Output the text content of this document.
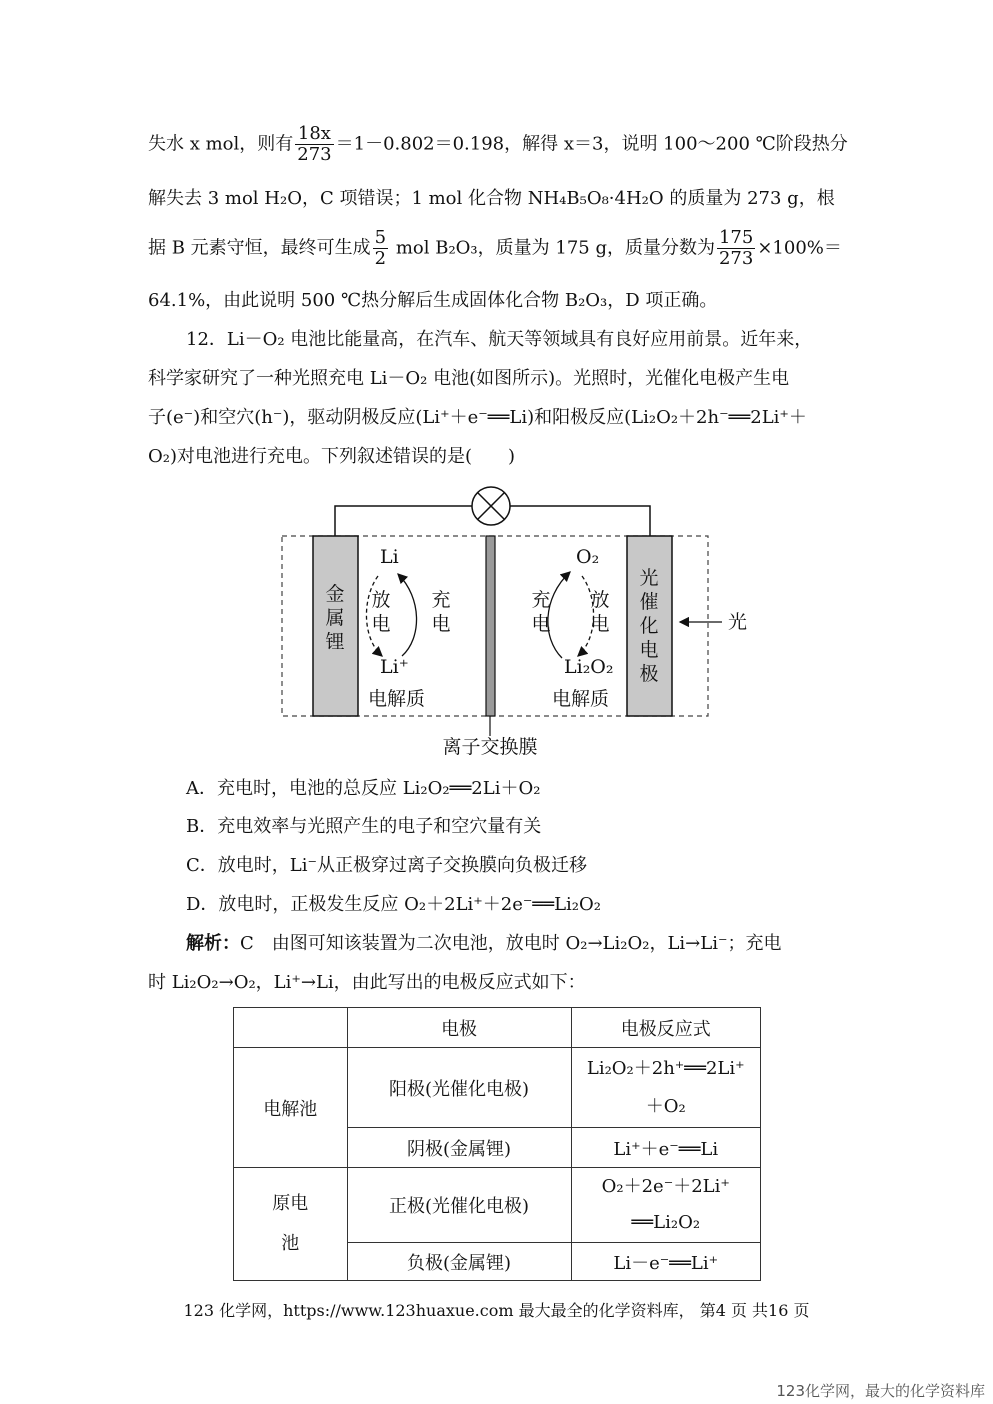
失水 x mol，则有 $\frac{18x}{273} =1-0.802=0.198$，解得 x＝3，说明 100～200 ℃阶段热分
解失去 3 mol H₂O，C 项错误；1 mol 化合物 NH₄B₅O₈·4H₂O 的质量为 273 g，根
据 B 元素守恒，最终可生成 $\frac{5}{2}$ mol B₂O₃，质量为 175 g，质量分数为 $\frac{175}{273} \times 100\%=$
64.1%，由此说明 500 ℃热分解后生成固体化合物 B₂O₃，D 项正确。
12．Li－O₂ 电池比能量高，在汽车、航天等领域具有良好应用前景。近年来，
科学家研究了一种光照充电 Li－O₂ 电池(如图所示)。光照时，光催化电极产生电
子(e⁻)和空穴(h⁻)，驱动阴极反应(Li⁺＋e⁻══Li)和阳极反应(Li₂O₂＋2h⁻══2Li⁺＋
O₂)对电池进行充电。下列叙述错误的是(　　)
金属锂
光催化电极
Li
Li⁺
放电
充电
电解质
O₂
Li₂O₂
充电
放电
电解质
光
离子交换膜
A．充电时，电池的总反应 Li₂O₂══2Li＋O₂
B．充电效率与光照产生的电子和空穴量有关
C．放电时，Li⁻从正极穿过离子交换膜向负极迁移
D．放电时，正极发生反应 O₂＋2Li⁺＋2e⁻══Li₂O₂
解析：C　由图可知该装置为二次电池，放电时 O₂→Li₂O₂，Li→Li⁻；充电
时 Li₂O₂→O₂，Li⁺→Li，由此写出的电极反应式如下：
	电极	电极反应式
电解池	阳极(光催化电极)	Li₂O₂＋2h⁺══2Li⁺
＋O₂

	阴极(金属锂)	Li⁺＋e⁻══Li

原电池	正极(光催化电极)	O₂＋2e⁻＋2Li⁺
══Li₂O₂

	负极(金属锂)	Li－e⁻══Li⁺
123 化学网，https://www.123huaxue.com 最大最全的化学资料库， 第4 页 共16 页
123化学网，最大的化学资料库
